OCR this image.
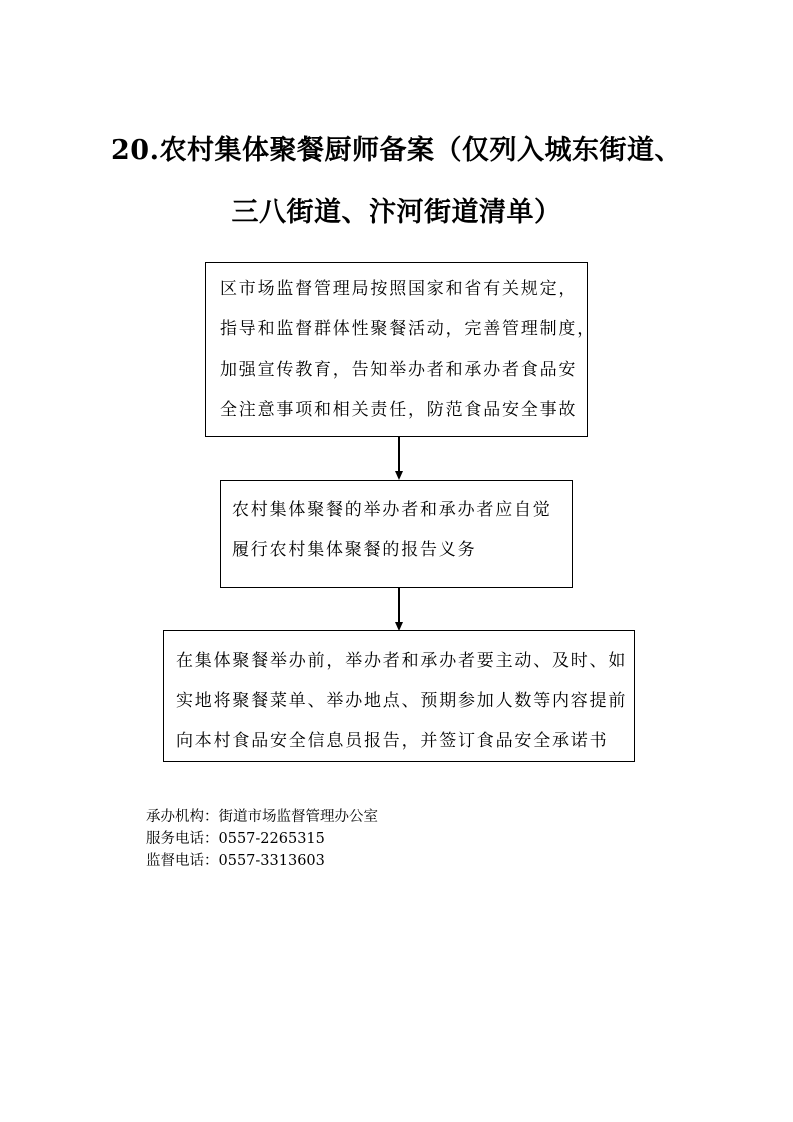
20.农村集体聚餐厨师备案（仅列入城东街道、
三八街道、汴河街道清单）
区市场监督管理局按照国家和省有关规定，
指导和监督群体性聚餐活动，完善管理制度，
加强宣传教育，告知举办者和承办者食品安
全注意事项和相关责任，防范食品安全事故
农村集体聚餐的举办者和承办者应自觉
履行农村集体聚餐的报告义务
在集体聚餐举办前，举办者和承办者要主动、及时、如
实地将聚餐菜单、举办地点、预期参加人数等内容提前
向本村食品安全信息员报告，并签订食品安全承诺书

承办机构：街道市场监督管理办公室

服务电话：0557-2265315

监督电话：0557-3313603
